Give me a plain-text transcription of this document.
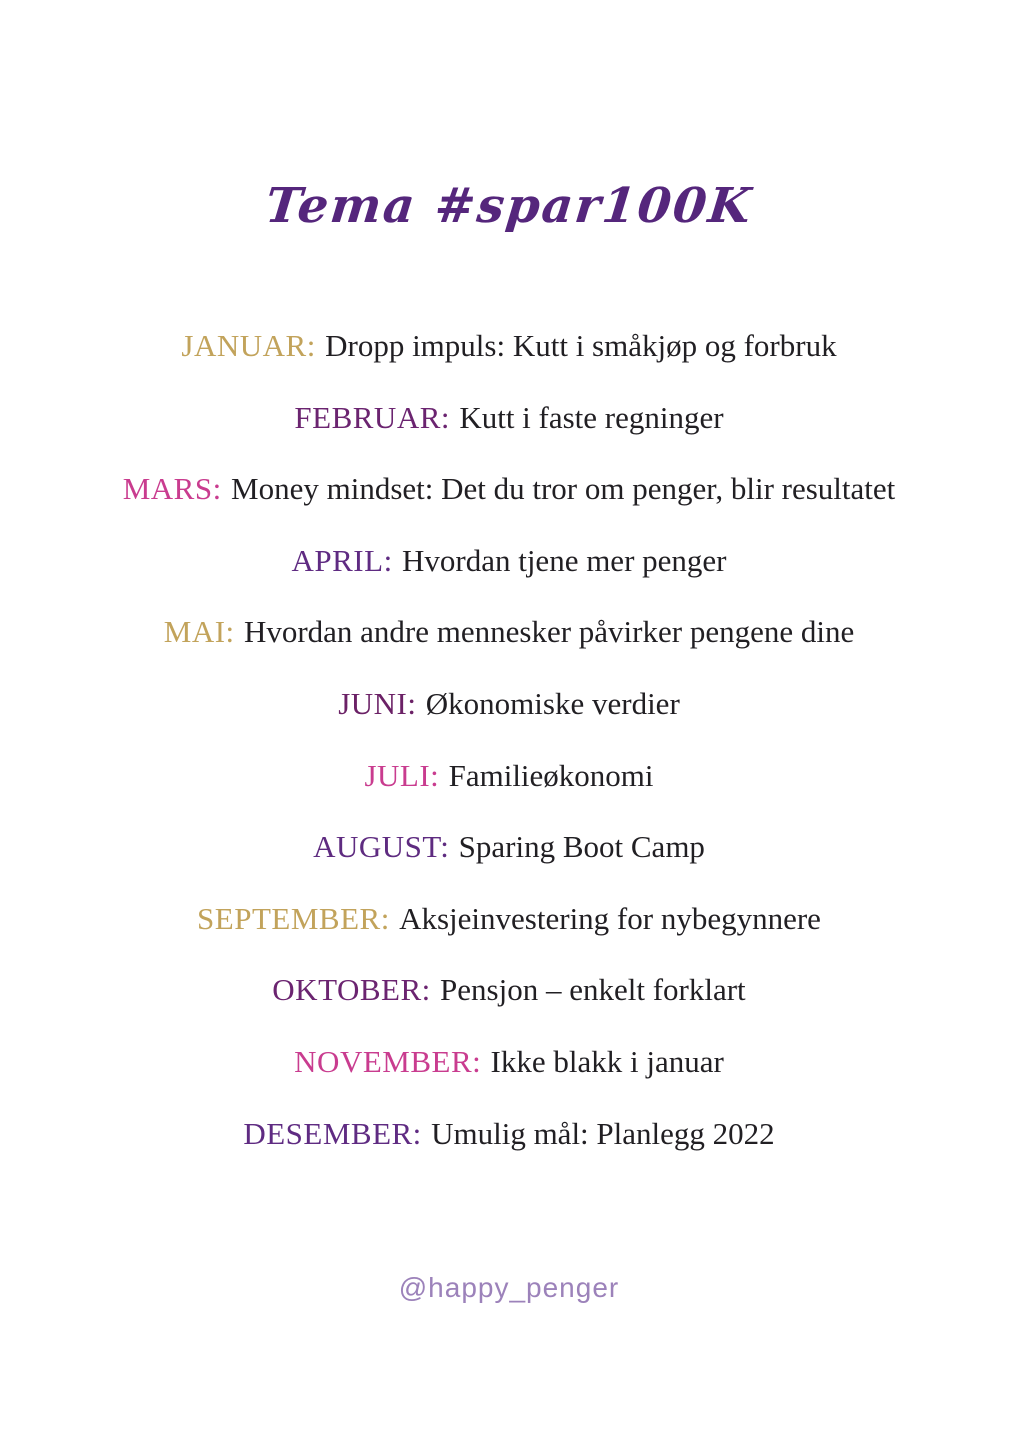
Tema #spar100K
JANUAR: Dropp impuls: Kutt i småkjøp og forbruk
FEBRUAR: Kutt i faste regninger
MARS: Money mindset: Det du tror om penger, blir resultatet
APRIL: Hvordan tjene mer penger
MAI: Hvordan andre mennesker påvirker pengene dine
JUNI: Økonomiske verdier
JULI: Familieøkonomi
AUGUST: Sparing Boot Camp
SEPTEMBER: Aksjeinvestering for nybegynnere
OKTOBER: Pensjon – enkelt forklart
NOVEMBER: Ikke blakk i januar
DESEMBER: Umulig mål: Planlegg 2022
@happy_penger
